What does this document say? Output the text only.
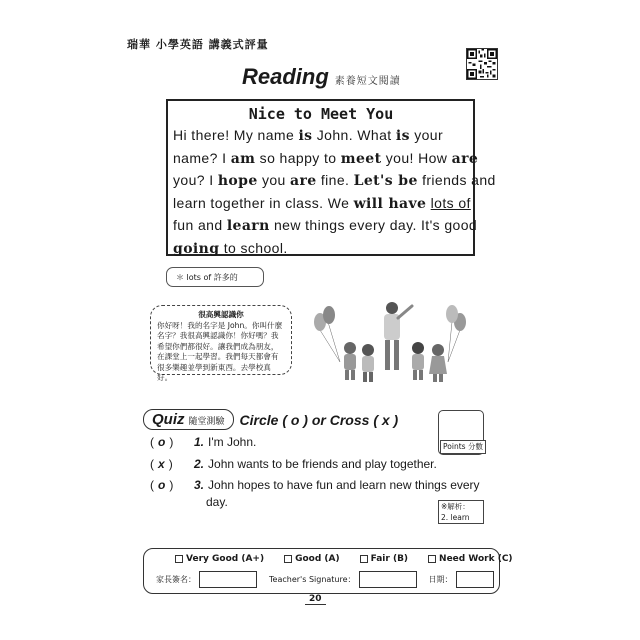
瑞華 小學英語 講義式評量
Reading 素養短文閱讀
Nice to Meet You
Hi there! My name is John. What is your
name? I am so happy to meet you! How are
you? I hope you are fine. Let's be friends and
learn together in class. We will have lots of
fun and learn new things every day. It's good
going to school.
＊ lots of 許多的
很高興認識你
你好呀！我的名字是 John。你叫什麼名字？我很高興認識你！你好嗎？我希望你們都很好。讓我們成為朋友，在課堂上一起學習。我們每天都會有很多樂趣並學到新東西。去學校真好。
Quiz 隨堂測驗 Circle ( o ) or Cross ( x )
Points 分數
( o ) 1. I'm John.
( x ) 2. John wants to be friends and play together.
( o ) 3. John hopes to have fun and learn new things every
day.	※解析：
2. learn
Very Good (A+)	Good (A)	Fair (B)	Need Work (C)
家長簽名：	Teacher's Signature：	日期：
20
